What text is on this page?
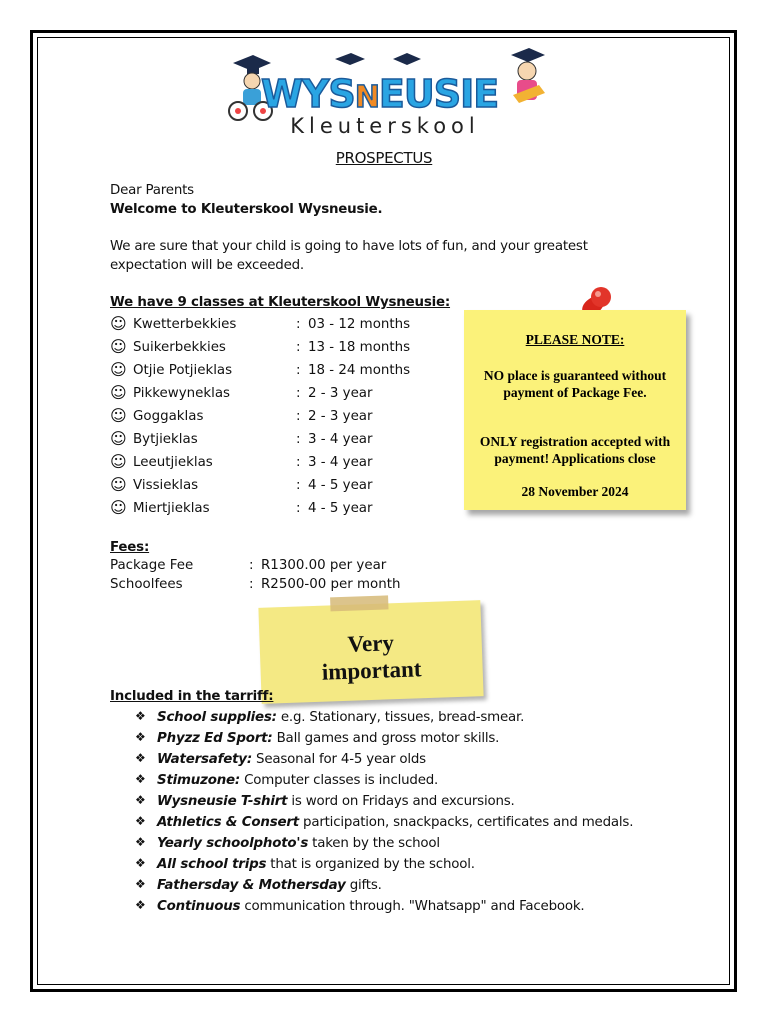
WYSNEUSIE
Kleuterskool
PROSPECTUS
Dear Parents
Welcome to Kleuterskool Wysneusie.
We are sure that your child is going to have lots of fun, and your greatest
expectation will be exceeded.
We have 9 classes at Kleuterskool Wysneusie:
☺ Kwetterbekkies	: 03 - 12 months
☺ Suikerbekkies	: 13 - 18 months
☺ Otjie Potjieklas	: 18 - 24 months
☺ Pikkewyneklas	: 2 - 3 year
☺ Goggaklas	: 2 - 3 year
☺ Bytjieklas	: 3 - 4 year
☺ Leeutjieklas	: 3 - 4 year
☺ Vissieklas	: 4 - 5 year
☺ Miertjieklas	: 4 - 5 year
Fees:
Package Fee	: R1300.00 per year
Schoolfees	: R2500-00 per month
PLEASE NOTE:
NO place is guaranteed without payment of Package Fee.
ONLY registration accepted with payment! Applications close
28 November 2024
Very
important
Included in the tarriff:
❖ School supplies: e.g. Stationary, tissues, bread-smear.
❖ Phyzz Ed Sport: Ball games and gross motor skills.
❖ Watersafety: Seasonal for 4-5 year olds
❖ Stimuzone: Computer classes is included.
❖ Wysneusie T-shirt is word on Fridays and excursions.
❖ Athletics & Consert participation, snackpacks, certificates and medals.
❖ Yearly schoolphoto's taken by the school
❖ All school trips that is organized by the school.
❖ Fathersday & Mothersday gifts.
❖ Continuous communication through. "Whatsapp" and Facebook.
